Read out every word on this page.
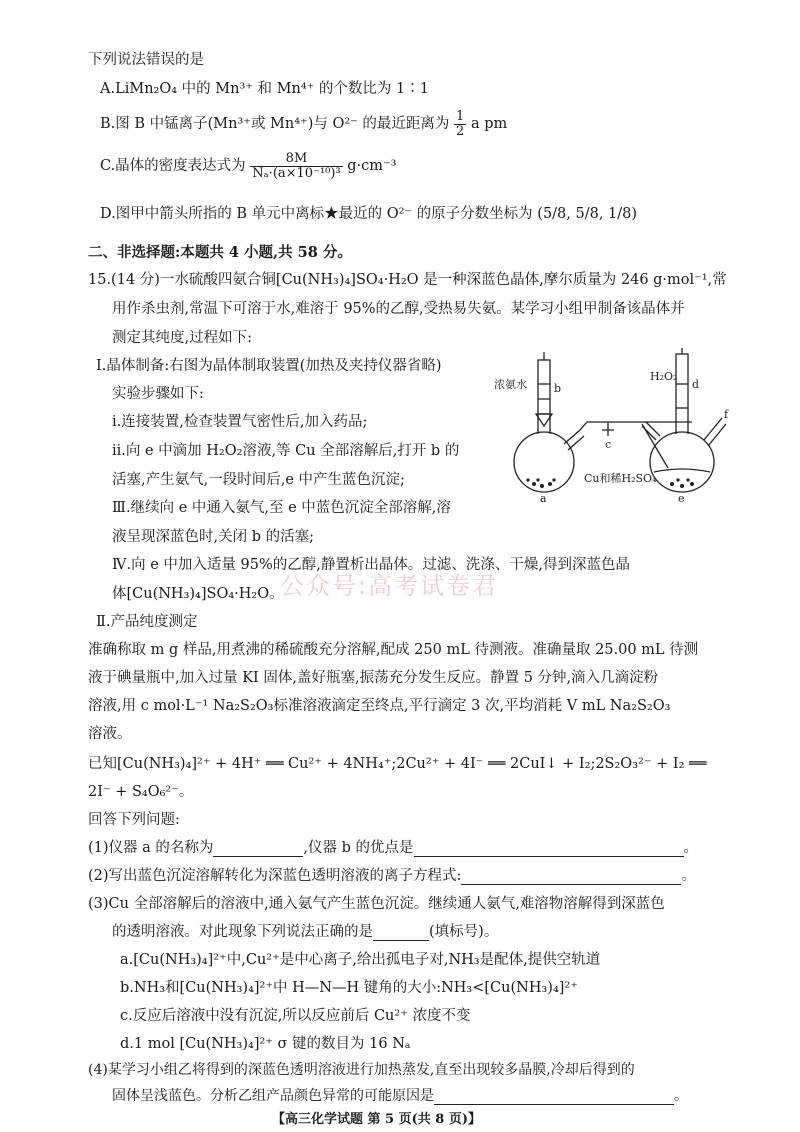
下列说法错误的是
A.LiMn₂O₄ 中的 Mn³⁺ 和 Mn⁴⁺ 的个数比为 1∶1
B.图 B 中锰离子(Mn³⁺或 Mn⁴⁺)与 O²⁻ 的最近距离为 $\frac{1}{2}$ a pm
C.晶体的密度表达式为 $\frac{8M}{\text{Nₐ·(a×10⁻¹⁰)³}} g\cdot cm^{-3}$
D.图甲中箭头所指的 B 单元中离标★最近的 O²⁻ 的原子分数坐标为 (5/8, 5/8, 1/8)
二、非选择题:本题共 4 小题,共 58 分。
15.(14 分)一水硫酸四氨合铜[Cu(NH₃)₄]SO₄·H₂O 是一种深蓝色晶体,摩尔质量为 246 g·mol⁻¹,常
用作杀虫剂,常温下可溶于水,难溶于 95%的乙醇,受热易失氨。某学习小组甲制备该晶体并
测定其纯度,过程如下:
Ⅰ.晶体制备:右图为晶体制取装置(加热及夹持仪器省略)
实验步骤如下:
ⅰ.连接装置,检查装置气密性后,加入药品;
ⅱ.向 e 中滴加 H₂O₂溶液,等 Cu 全部溶解后,打开 b 的
活塞,产生氨气,一段时间后,e 中产生蓝色沉淀;
Ⅲ.继续向 e 中通入氨气,至 e 中蓝色沉淀全部溶解,溶
液呈现深蓝色时,关闭 b 的活塞;
Ⅳ.向 e 中加入适量 95%的乙醇,静置析出晶体。过滤、洗涤、干燥,得到深蓝色晶
体[Cu(NH₃)₄]SO₄·H₂O。
公众号:高考试卷君
浓氨水 b
c
a
H₂O₂
d
e
f
Cu和稀H₂SO₄
Ⅱ.产品纯度测定
准确称取 m g 样品,用煮沸的稀硫酸充分溶解,配成 250 mL 待测液。准确量取 25.00 mL 待测
液于碘量瓶中,加入过量 KI 固体,盖好瓶塞,振荡充分发生反应。静置 5 分钟,滴入几滴淀粉
溶液,用 c mol·L⁻¹ Na₂S₂O₃标准溶液滴定至终点,平行滴定 3 次,平均消耗 V mL Na₂S₂O₃
溶液。
已知[Cu(NH₃)₄]²⁺ + 4H⁺ ══ Cu²⁺ + 4NH₄⁺;2Cu²⁺ + 4I⁻ ══ 2CuI↓ + I₂;2S₂O₃²⁻ + I₂ ══
2I⁻ + S₄O₆²⁻。
回答下列问题:
(1)仪器 a 的名称为	,仪器 b 的优点是	。
(2)写出蓝色沉淀溶解转化为深蓝色透明溶液的离子方程式:	。
(3)Cu 全部溶解后的溶液中,通入氨气产生蓝色沉淀。继续通人氨气,难溶物溶解得到深蓝色
的透明溶液。对此现象下列说法正确的是	(填标号)。
a.[Cu(NH₃)₄]²⁺中,Cu²⁺是中心离子,给出孤电子对,NH₃是配体,提供空轨道
b.NH₃和[Cu(NH₃)₄]²⁺中 H—N—H 键角的大小:NH₃<[Cu(NH₃)₄]²⁺
c.反应后溶液中没有沉淀,所以反应前后 Cu²⁺ 浓度不变
d.1 mol [Cu(NH₃)₄]²⁺ σ 键的数目为 16 Nₐ
(4)某学习小组乙将得到的深蓝色透明溶液进行加热蒸发,直至出现较多晶膜,冷却后得到的
固体呈浅蓝色。分析乙组产品颜色异常的可能原因是	。
【高三化学试题 第 5 页(共 8 页)】
